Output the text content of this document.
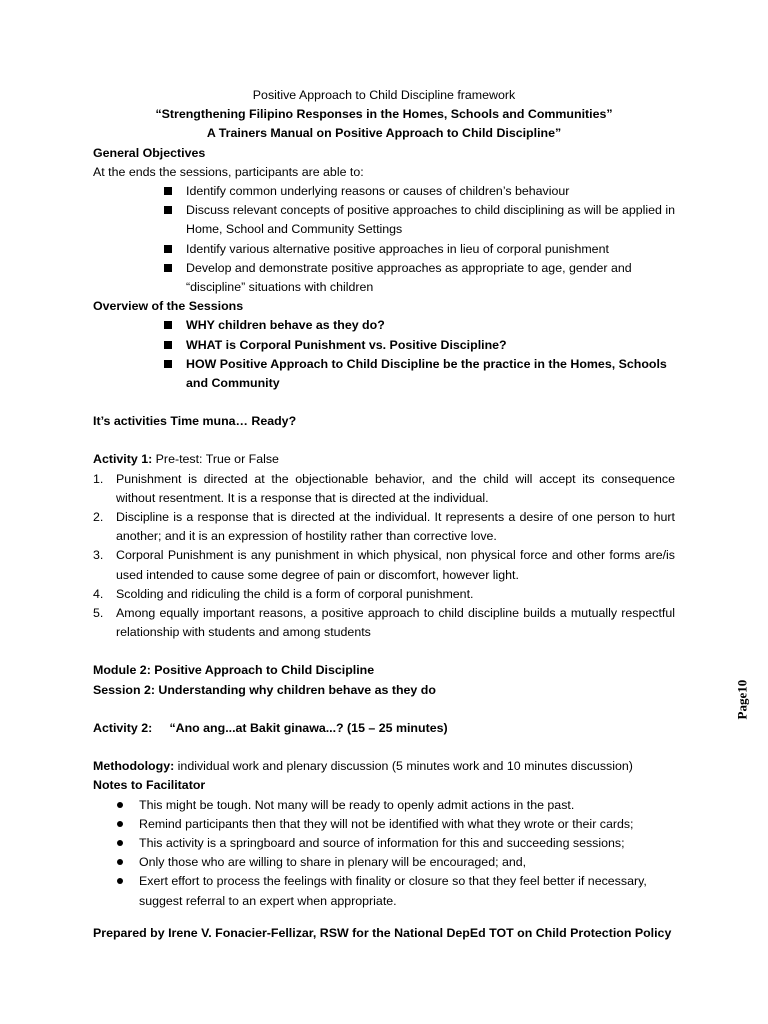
Positive Approach to Child Discipline framework

“Strengthening Filipino Responses in the Homes, Schools and Communities”

A Trainers Manual on Positive Approach to Child Discipline”

General Objectives

At the ends the sessions, participants are able to:

Identify common underlying reasons or causes of children’s behaviour
Discuss relevant concepts of positive approaches to child disciplining as will be applied in Home, School and Community Settings
Identify various alternative positive approaches in lieu of corporal punishment
Develop and demonstrate positive approaches as appropriate to age, gender and “discipline” situations with children

Overview of the Sessions

WHY children behave as they do?
WHAT is Corporal Punishment vs. Positive Discipline?
HOW Positive Approach to Child Discipline be the practice in the Homes, Schools and Community

It’s activities Time muna… Ready?

Activity 1: Pre-test: True or False

1. Punishment is directed at the objectionable behavior, and the child will accept its consequence without resentment. It is a response that is directed at the individual.
2. Discipline is a response that is directed at the individual. It represents a desire of one person to hurt another; and it is an expression of hostility rather than corrective love.
3. Corporal Punishment is any punishment in which physical, non physical force and other forms are/is used intended to cause some degree of pain or discomfort, however light.
4. Scolding and ridiculing the child is a form of corporal punishment.
5. Among equally important reasons, a positive approach to child discipline builds a mutually respectful relationship with students and among students

Module 2: Positive Approach to Child Discipline

Session 2: Understanding why children behave as they do

Activity 2: “Ano ang...at Bakit ginawa...? (15 – 25 minutes)

Methodology: individual work and plenary discussion (5 minutes work and 10 minutes discussion)

Notes to Facilitator

This might be tough. Not many will be ready to openly admit actions in the past.
Remind participants then that they will not be identified with what they wrote or their cards;
This activity is a springboard and source of information for this and succeeding sessions;
Only those who are willing to share in plenary will be encouraged; and,
Exert effort to process the feelings with finality or closure so that they feel better if necessary, suggest referral to an expert when appropriate.

Prepared by Irene V. Fonacier-Fellizar, RSW for the National DepEd TOT on Child Protection Policy

Page10
